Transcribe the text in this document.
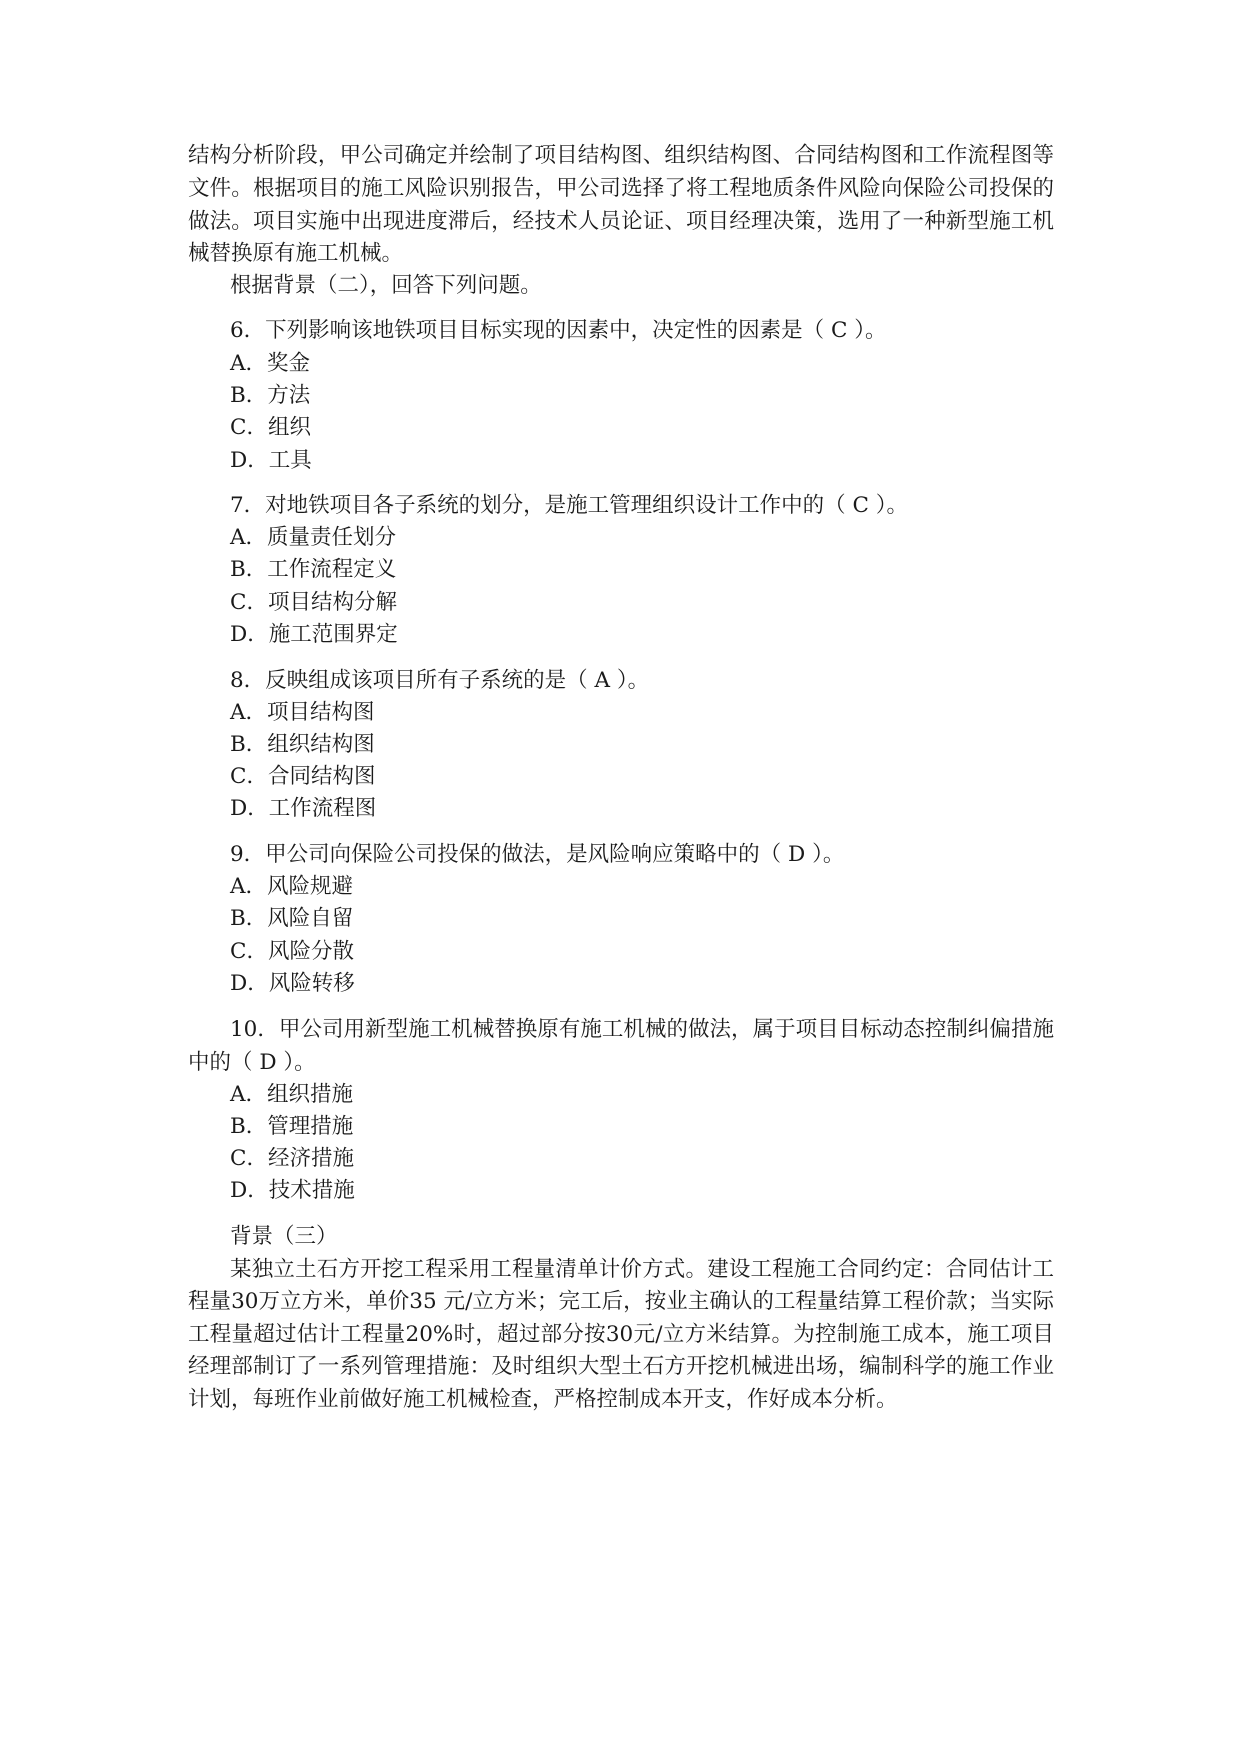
结构分析阶段，甲公司确定并绘制了项目结构图、组织结构图、合同结构图和工作流程图等
文件。根据项目的施工风险识别报告，甲公司选择了将工程地质条件风险向保险公司投保的
做法。项目实施中出现进度滞后，经技术人员论证、项目经理决策，选用了一种新型施工机
械替换原有施工机械。
根据背景（二），回答下列问题。
6．下列影响该地铁项目目标实现的因素中，决定性的因素是（ C ）。
A．奖金
B．方法
C．组织
D．工具
7．对地铁项目各子系统的划分，是施工管理组织设计工作中的（ C ）。
A．质量责任划分
B．工作流程定义
C．项目结构分解
D．施工范围界定
8．反映组成该项目所有子系统的是（ A ）。
A．项目结构图
B．组织结构图
C．合同结构图
D．工作流程图
9．甲公司向保险公司投保的做法，是风险响应策略中的（ D ）。
A．风险规避
B．风险自留
C．风险分散
D．风险转移
10．甲公司用新型施工机械替换原有施工机械的做法，属于项目目标动态控制纠偏措施
中的（ D ）。
A．组织措施
B．管理措施
C．经济措施
D．技术措施
背景（三）
某独立土石方开挖工程采用工程量清单计价方式。建设工程施工合同约定：合同估计工
程量30万立方米，单价35 元/立方米；完工后，按业主确认的工程量结算工程价款；当实际
工程量超过估计工程量20%时，超过部分按30元/立方米结算。为控制施工成本，施工项目
经理部制订了一系列管理措施：及时组织大型土石方开挖机械进出场，编制科学的施工作业
计划，每班作业前做好施工机械检查，严格控制成本开支，作好成本分析。
